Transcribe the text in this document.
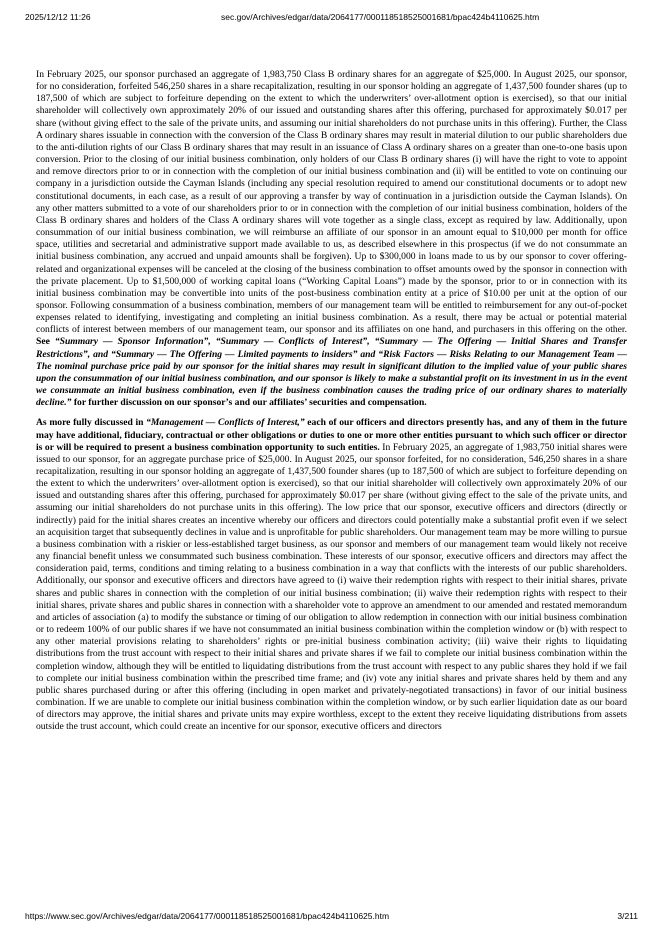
2025/12/12 11:26	sec.gov/Archives/edgar/data/2064177/000118518525001681/bpac424b4110625.htm

In February 2025, our sponsor purchased an aggregate of 1,983,750 Class B ordinary shares for an aggregate of $25,000. In August 2025, our sponsor, for no consideration, forfeited 546,250 shares in a share recapitalization, resulting in our sponsor holding an aggregate of 1,437,500 founder shares (up to 187,500 of which are subject to forfeiture depending on the extent to which the underwriters’ over-allotment option is exercised), so that our initial shareholder will collectively own approximately 20% of our issued and outstanding shares after this offering, purchased for approximately $0.017 per share (without giving effect to the sale of the private units, and assuming our initial shareholders do not purchase units in this offering). Further, the Class A ordinary shares issuable in connection with the conversion of the Class B ordinary shares may result in material dilution to our public shareholders due to the anti-dilution rights of our Class B ordinary shares that may result in an issuance of Class A ordinary shares on a greater than one-to-one basis upon conversion. Prior to the closing of our initial business combination, only holders of our Class B ordinary shares (i) will have the right to vote to appoint and remove directors prior to or in connection with the completion of our initial business combination and (ii) will be entitled to vote on continuing our company in a jurisdiction outside the Cayman Islands (including any special resolution required to amend our constitutional documents or to adopt new constitutional documents, in each case, as a result of our approving a transfer by way of continuation in a jurisdiction outside the Cayman Islands). On any other matters submitted to a vote of our shareholders prior to or in connection with the completion of our initial business combination, holders of the Class B ordinary shares and holders of the Class A ordinary shares will vote together as a single class, except as required by law. Additionally, upon consummation of our initial business combination, we will reimburse an affiliate of our sponsor in an amount equal to $10,000 per month for office space, utilities and secretarial and administrative support made available to us, as described elsewhere in this prospectus (if we do not consummate an initial business combination, any accrued and unpaid amounts shall be forgiven). Up to $300,000 in loans made to us by our sponsor to cover offering-related and organizational expenses will be canceled at the closing of the business combination to offset amounts owed by the sponsor in connection with the private placement. Up to $1,500,000 of working capital loans (“Working Capital Loans”) made by the sponsor, prior to or in connection with its initial business combination may be convertible into units of the post-business combination entity at a price of $10.00 per unit at the option of our sponsor. Following consummation of a business combination, members of our management team will be entitled to reimbursement for any out-of-pocket expenses related to identifying, investigating and completing an initial business combination. As a result, there may be actual or potential material conflicts of interest between members of our management team, our sponsor and its affiliates on one hand, and purchasers in this offering on the other. See “Summary — Sponsor Information”, “Summary — Conflicts of Interest”, “Summary — The Offering — Initial Shares and Transfer Restrictions”, and “Summary — The Offering — Limited payments to insiders” and “Risk Factors — Risks Relating to our Management Team — The nominal purchase price paid by our sponsor for the initial shares may result in significant dilution to the implied value of your public shares upon the consummation of our initial business combination, and our sponsor is likely to make a substantial profit on its investment in us in the event we consummate an initial business combination, even if the business combination causes the trading price of our ordinary shares to materially decline.” for further discussion on our sponsor’s and our affiliates’ securities and compensation.

As more fully discussed in “Management — Conflicts of Interest,” each of our officers and directors presently has, and any of them in the future may have additional, fiduciary, contractual or other obligations or duties to one or more other entities pursuant to which such officer or director is or will be required to present a business combination opportunity to such entities. In February 2025, an aggregate of 1,983,750 initial shares were issued to our sponsor, for an aggregate purchase price of $25,000. In August 2025, our sponsor forfeited, for no consideration, 546,250 shares in a share recapitalization, resulting in our sponsor holding an aggregate of 1,437,500 founder shares (up to 187,500 of which are subject to forfeiture depending on the extent to which the underwriters’ over-allotment option is exercised), so that our initial shareholder will collectively own approximately 20% of our issued and outstanding shares after this offering, purchased for approximately $0.017 per share (without giving effect to the sale of the private units, and assuming our initial shareholders do not purchase units in this offering). The low price that our sponsor, executive officers and directors (directly or indirectly) paid for the initial shares creates an incentive whereby our officers and directors could potentially make a substantial profit even if we select an acquisition target that subsequently declines in value and is unprofitable for public shareholders. Our management team may be more willing to pursue a business combination with a riskier or less-established target business, as our sponsor and members of our management team would likely not receive any financial benefit unless we consummated such business combination. These interests of our sponsor, executive officers and directors may affect the consideration paid, terms, conditions and timing relating to a business combination in a way that conflicts with the interests of our public shareholders. Additionally, our sponsor and executive officers and directors have agreed to (i) waive their redemption rights with respect to their initial shares, private shares and public shares in connection with the completion of our initial business combination; (ii) waive their redemption rights with respect to their initial shares, private shares and public shares in connection with a shareholder vote to approve an amendment to our amended and restated memorandum and articles of association (a) to modify the substance or timing of our obligation to allow redemption in connection with our initial business combination or to redeem 100% of our public shares if we have not consummated an initial business combination within the completion window or (b) with respect to any other material provisions relating to shareholders’ rights or pre-initial business combination activity; (iii) waive their rights to liquidating distributions from the trust account with respect to their initial shares and private shares if we fail to complete our initial business combination within the completion window, although they will be entitled to liquidating distributions from the trust account with respect to any public shares they hold if we fail to complete our initial business combination within the prescribed time frame; and (iv) vote any initial shares and private shares held by them and any public shares purchased during or after this offering (including in open market and privately-negotiated transactions) in favor of our initial business combination. If we are unable to complete our initial business combination within the completion window, or by such earlier liquidation date as our board of directors may approve, the initial shares and private units may expire worthless, except to the extent they receive liquidating distributions from assets outside the trust account, which could create an incentive for our sponsor, executive officers and directors

https://www.sec.gov/Archives/edgar/data/2064177/000118518525001681/bpac424b4110625.htm	3/211
